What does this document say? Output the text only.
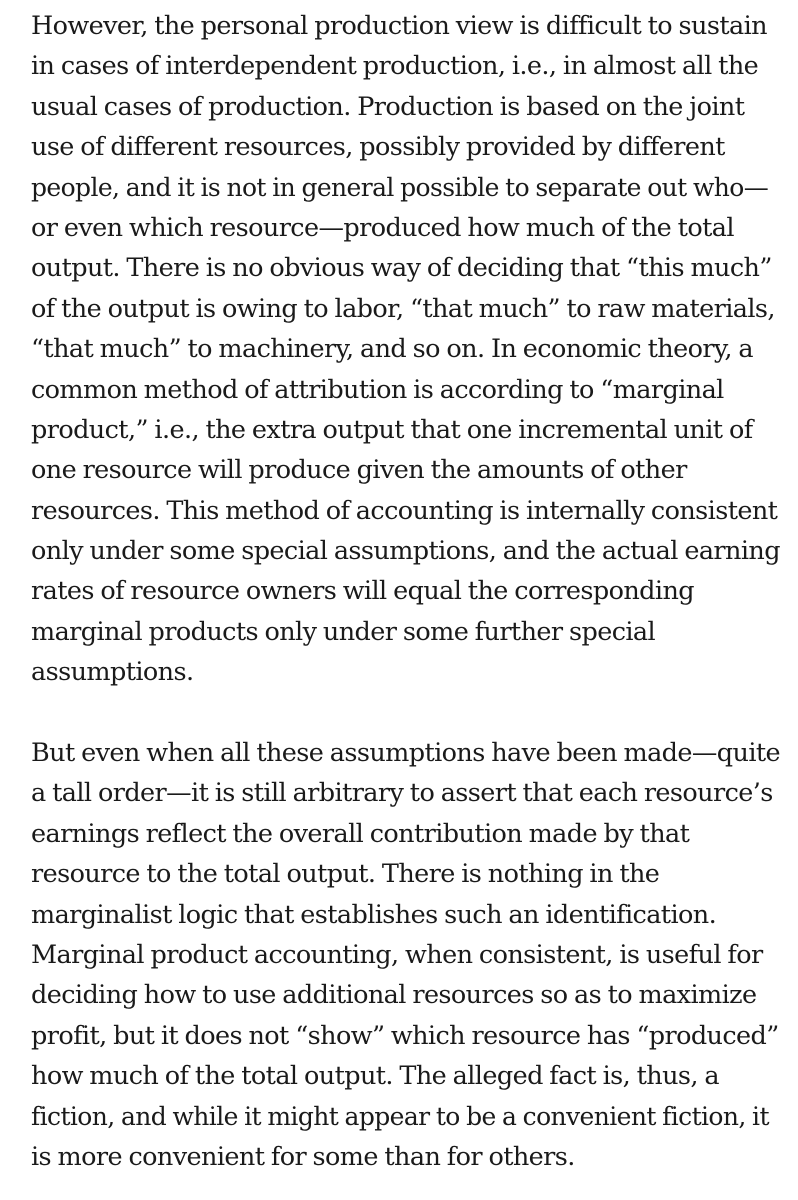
However, the personal production view is difficult to sustain
in cases of interdependent production, i.e., in almost all the
usual cases of production. Production is based on the joint
use of different resources, possibly provided by different
people, and it is not in general possible to separate out who—
or even which resource—produced how much of the total
output. There is no obvious way of deciding that “this much”
of the output is owing to labor, “that much” to raw materials,
“that much” to machinery, and so on. In economic theory, a
common method of attribution is according to “marginal
product,” i.e., the extra output that one incremental unit of
one resource will produce given the amounts of other
resources. This method of accounting is internally consistent
only under some special assumptions, and the actual earning
rates of resource owners will equal the corresponding
marginal products only under some further special
assumptions.
But even when all these assumptions have been made—quite
a tall order—it is still arbitrary to assert that each resource’s
earnings reflect the overall contribution made by that
resource to the total output. There is nothing in the
marginalist logic that establishes such an identification.
Marginal product accounting, when consistent, is useful for
deciding how to use additional resources so as to maximize
profit, but it does not “show” which resource has “produced”
how much of the total output. The alleged fact is, thus, a
fiction, and while it might appear to be a convenient fiction, it
is more convenient for some than for others.
